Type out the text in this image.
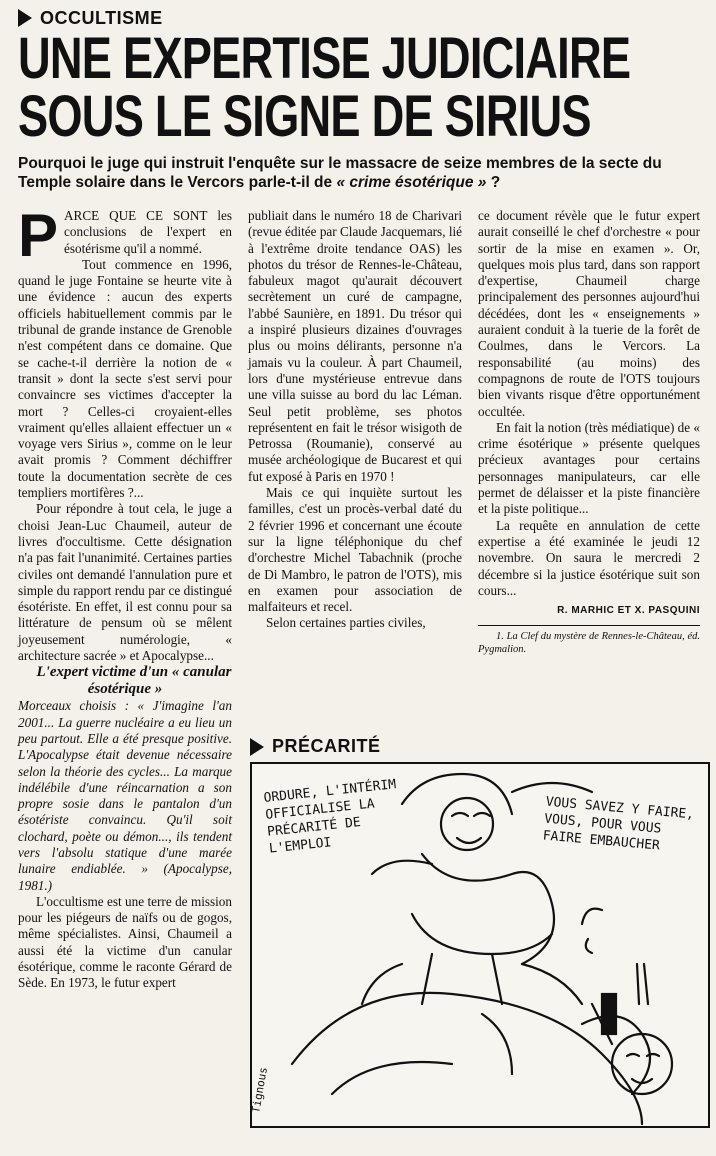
OCCULTISME
UNE EXPERTISE JUDICIAIRE
SOUS LE SIGNE DE SIRIUS
Pourquoi le juge qui instruit l'enquête sur le massacre de seize membres de la secte du Temple solaire dans le Vercors parle-t-il de « crime ésotérique » ?

P ARCE QUE CE SONT les conclusions de l'expert en ésotérisme qu'il a nommé.

Tout commence en 1996, quand le juge Fontaine se heurte vite à une évidence : aucun des experts officiels habituellement commis par le tribunal de grande instance de Grenoble n'est compétent dans ce domaine. Que se cache-t-il derrière la notion de « transit » dont la secte s'est servi pour convaincre ses victimes d'accepter la mort ? Celles-ci croyaient-elles vraiment qu'elles allaient effectuer un « voyage vers Sirius », comme on le leur avait promis ? Comment déchiffrer toute la documentation secrète de ces templiers mortifères ?...

Pour répondre à tout cela, le juge a choisi Jean-Luc Chaumeil, auteur de livres d'occultisme. Cette désignation n'a pas fait l'unanimité. Certaines parties civiles ont demandé l'annulation pure et simple du rapport rendu par ce distingué ésotériste. En effet, il est connu pour sa littérature de pensum où se mêlent joyeusement numérologie, « architecture sacrée » et Apocalypse...

L'expert victime d'un « canular ésotérique »

Morceaux choisis : « J'imagine l'an 2001... La guerre nucléaire a eu lieu un peu partout. Elle a été presque positive. L'Apocalypse était devenue nécessaire selon la théorie des cycles... La marque indélébile d'une réincarnation a son propre sosie dans le pantalon d'un ésotériste convaincu. Qu'il soit clochard, poète ou démon..., ils tendent vers l'absolu statique d'une marée lunaire endiablée. » (Apocalypse, 1981.)

L'occultisme est une terre de mission pour les piégeurs de naïfs ou de gogos, même spécialistes. Ainsi, Chaumeil a aussi été la victime d'un canular ésotérique, comme le raconte Gérard de Sède. En 1973, le futur expert

publiait dans le numéro 18 de Charivari (revue éditée par Claude Jacquemars, lié à l'extrême droite tendance OAS) les photos du trésor de Rennes-le-Château, fabuleux magot qu'aurait découvert secrètement un curé de campagne, l'abbé Saunière, en 1891. Du trésor qui a inspiré plusieurs dizaines d'ouvrages plus ou moins délirants, personne n'a jamais vu la couleur. À part Chaumeil, lors d'une mystérieuse entrevue dans une villa suisse au bord du lac Léman. Seul petit problème, ses photos représentent en fait le trésor wisigoth de Petrossa (Roumanie), conservé au musée archéologique de Bucarest et qui fut exposé à Paris en 1970 !

Mais ce qui inquiète surtout les familles, c'est un procès-verbal daté du 2 février 1996 et concernant une écoute sur la ligne téléphonique du chef d'orchestre Michel Tabachnik (proche de Di Mambro, le patron de l'OTS), mis en examen pour association de malfaiteurs et recel.

Selon certaines parties civiles,

ce document révèle que le futur expert aurait conseillé le chef d'orchestre « pour sortir de la mise en examen ». Or, quelques mois plus tard, dans son rapport d'expertise, Chaumeil charge principalement des personnes aujourd'hui décédées, dont les « enseignements » auraient conduit à la tuerie de la forêt de Coulmes, dans le Vercors. La responsabilité (au moins) des compagnons de route de l'OTS toujours bien vivants risque d'être opportunément occultée.

En fait la notion (très médiatique) de « crime ésotérique » présente quelques précieux avantages pour certains personnages manipulateurs, car elle permet de délaisser et la piste financière et la piste politique...

La requête en annulation de cette expertise a été examinée le jeudi 12 novembre. On saura le mercredi 2 décembre si la justice ésotérique suit son cours...

R. MARHIC ET X. PASQUINI

1. La Clef du mystère de Rennes-le-Château, éd. Pygmalion.

PRÉCARITÉ
ORDURE, L'INTÉRIM OFFICIALISE LA PRÉCARITÉ DE L'EMPLOI
VOUS SAVEZ Y FAIRE, VOUS, POUR VOUS FAIRE EMBAUCHER
Tignous
